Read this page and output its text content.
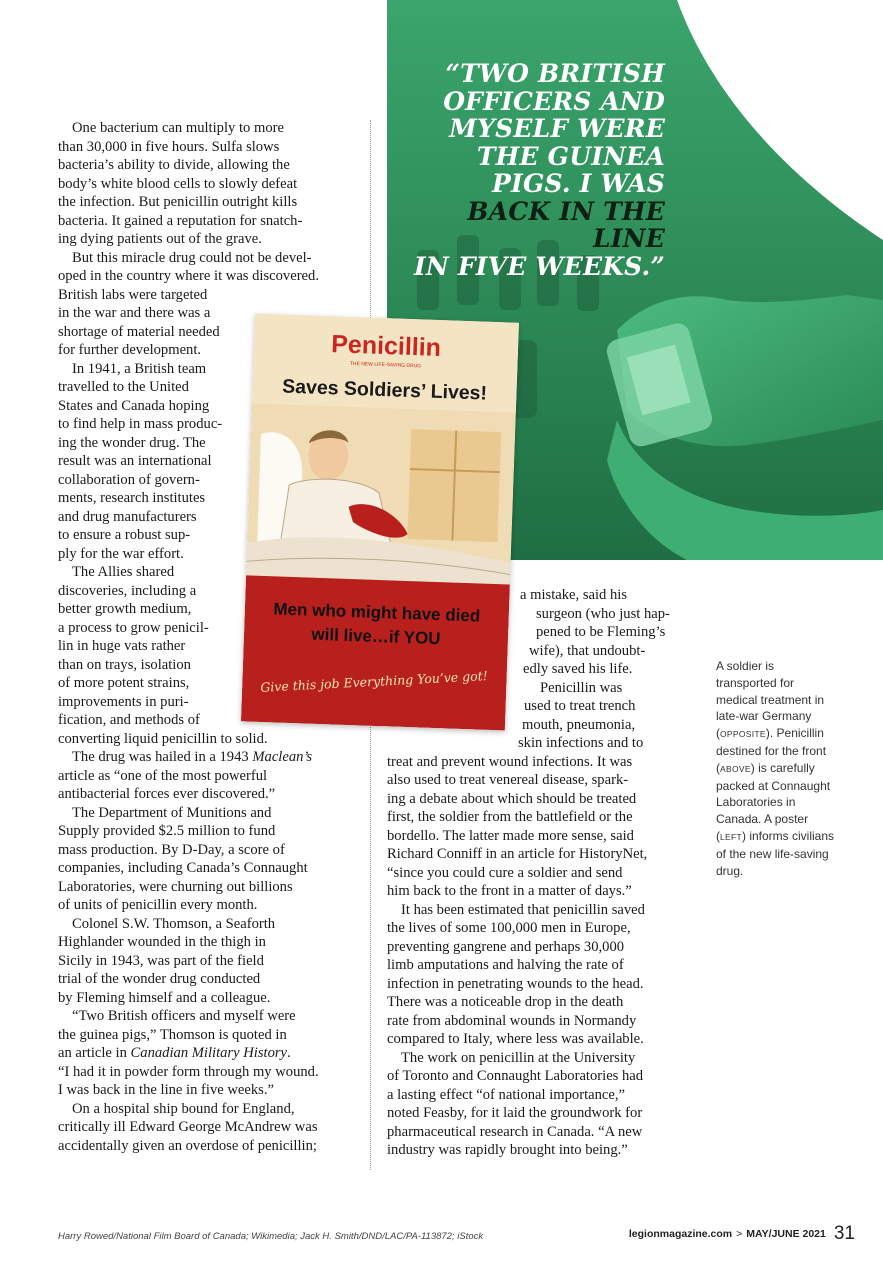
“TWO BRITISH
OFFICERS AND
MYSELF WERE
THE GUINEA
PIGS. I WAS
BACK IN THE LINE
IN FIVE WEEKS.”
One bacterium can multiply to more
than 30,000 in five hours. Sulfa slows
bacteria’s ability to divide, allowing the
body’s white blood cells to slowly defeat
the infection. But penicillin outright kills
bacteria. It gained a reputation for snatch-
ing dying patients out of the grave.
But this miracle drug could not be devel-
oped in the country where it was discovered.
British labs were targeted
in the war and there was a
shortage of material needed
for further development.
In 1941, a British team
travelled to the United
States and Canada hoping
to find help in mass produc-
ing the wonder drug. The
result was an international
collaboration of govern-
ments, research institutes
and drug manufacturers
to ensure a robust sup-
ply for the war effort.
The Allies shared
discoveries, including a
better growth medium,
a process to grow penicil-
lin in huge vats rather
than on trays, isolation
of more potent strains,
improvements in puri-
fication, and methods of
converting liquid penicillin to solid.
The drug was hailed in a 1943 Maclean’s
article as “one of the most powerful
antibacterial forces ever discovered.”
The Department of Munitions and
Supply provided $2.5 million to fund
mass production. By D-Day, a score of
companies, including Canada’s Connaught
Laboratories, were churning out billions
of units of penicillin every month.
Colonel S.W. Thomson, a Seaforth
Highlander wounded in the thigh in
Sicily in 1943, was part of the field
trial of the wonder drug conducted
by Fleming himself and a colleague.
“Two British officers and myself were
the guinea pigs,” Thomson is quoted in
an article in Canadian Military History.
“I had it in powder form through my wound.
I was back in the line in five weeks.”
On a hospital ship bound for England,
critically ill Edward George McAndrew was
accidentally given an overdose of penicillin;
a mistake, said his
surgeon (who just hap-
pened to be Fleming’s
wife), that undoubt-
edly saved his life.
Penicillin was
used to treat trench
mouth, pneumonia,
skin infections and to
treat and prevent wound infections. It was
also used to treat venereal disease, spark-
ing a debate about which should be treated
first, the soldier from the battlefield or the
bordello. The latter made more sense, said
Richard Conniff in an article for HistoryNet,
“since you could cure a soldier and send
him back to the front in a matter of days.”
It has been estimated that penicillin saved
the lives of some 100,000 men in Europe,
preventing gangrene and perhaps 30,000
limb amputations and halving the rate of
infection in penetrating wounds to the head.
There was a noticeable drop in the death
rate from abdominal wounds in Normandy
compared to Italy, where less was available.
The work on penicillin at the University
of Toronto and Connaught Laboratories had
a lasting effect “of national importance,”
noted Feasby, for it laid the groundwork for
pharmaceutical research in Canada. “A new
industry was rapidly brought into being.”
Penicillin
THE NEW LIFE-SAVING DRUG
Saves Soldiers’ Lives!
Men who might have died
will live…if YOU
Give this job Everything You’ve got!
A soldier is transported for medical treatment in late-war Germany (OPPOSITE). Penicillin destined for the front (ABOVE) is carefully packed at Connaught Laboratories in Canada. A poster (LEFT) informs civilians of the new life-saving drug.
Harry Rowed/National Film Board of Canada; Wikimedia; Jack H. Smith/DND/LAC/PA-113872; iStock	legionmagazine.com > MAY/JUNE 2021 31
